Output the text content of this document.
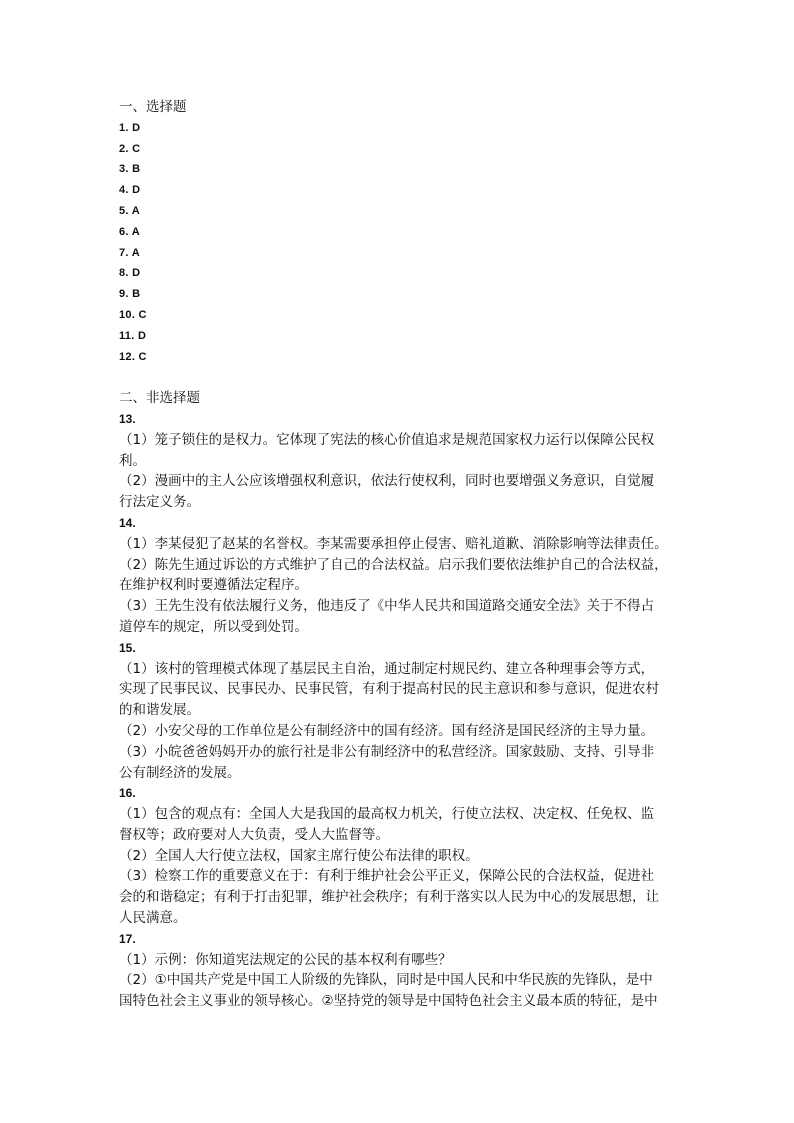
一、选择题
1. D
2. C
3. B
4. D
5. A
6. A
7. A
8. D
9. B
10. C
11. D
12. C
二、非选择题
13.
（1）笼子锁住的是权力。它体现了宪法的核心价值追求是规范国家权力运行以保障公民权
利。
（2）漫画中的主人公应该增强权利意识，依法行使权利，同时也要增强义务意识，自觉履
行法定义务。
14.
（1）李某侵犯了赵某的名誉权。李某需要承担停止侵害、赔礼道歉、消除影响等法律责任。
（2）陈先生通过诉讼的方式维护了自己的合法权益。启示我们要依法维护自己的合法权益，
在维护权利时要遵循法定程序。
（3）王先生没有依法履行义务，他违反了《中华人民共和国道路交通安全法》关于不得占
道停车的规定，所以受到处罚。
15.
（1）该村的管理模式体现了基层民主自治，通过制定村规民约、建立各种理事会等方式，
实现了民事民议、民事民办、民事民管，有利于提高村民的民主意识和参与意识，促进农村
的和谐发展。
（2）小安父母的工作单位是公有制经济中的国有经济。国有经济是国民经济的主导力量。
（3）小皖爸爸妈妈开办的旅行社是非公有制经济中的私营经济。国家鼓励、支持、引导非
公有制经济的发展。
16.
（1）包含的观点有：全国人大是我国的最高权力机关，行使立法权、决定权、任免权、监
督权等；政府要对人大负责，受人大监督等。
（2）全国人大行使立法权，国家主席行使公布法律的职权。
（3）检察工作的重要意义在于：有利于维护社会公平正义，保障公民的合法权益，促进社
会的和谐稳定；有利于打击犯罪，维护社会秩序；有利于落实以人民为中心的发展思想，让
人民满意。
17.
（1）示例：你知道宪法规定的公民的基本权利有哪些？
（2）①中国共产党是中国工人阶级的先锋队，同时是中国人民和中华民族的先锋队，是中
国特色社会主义事业的领导核心。②坚持党的领导是中国特色社会主义最本质的特征，是中
